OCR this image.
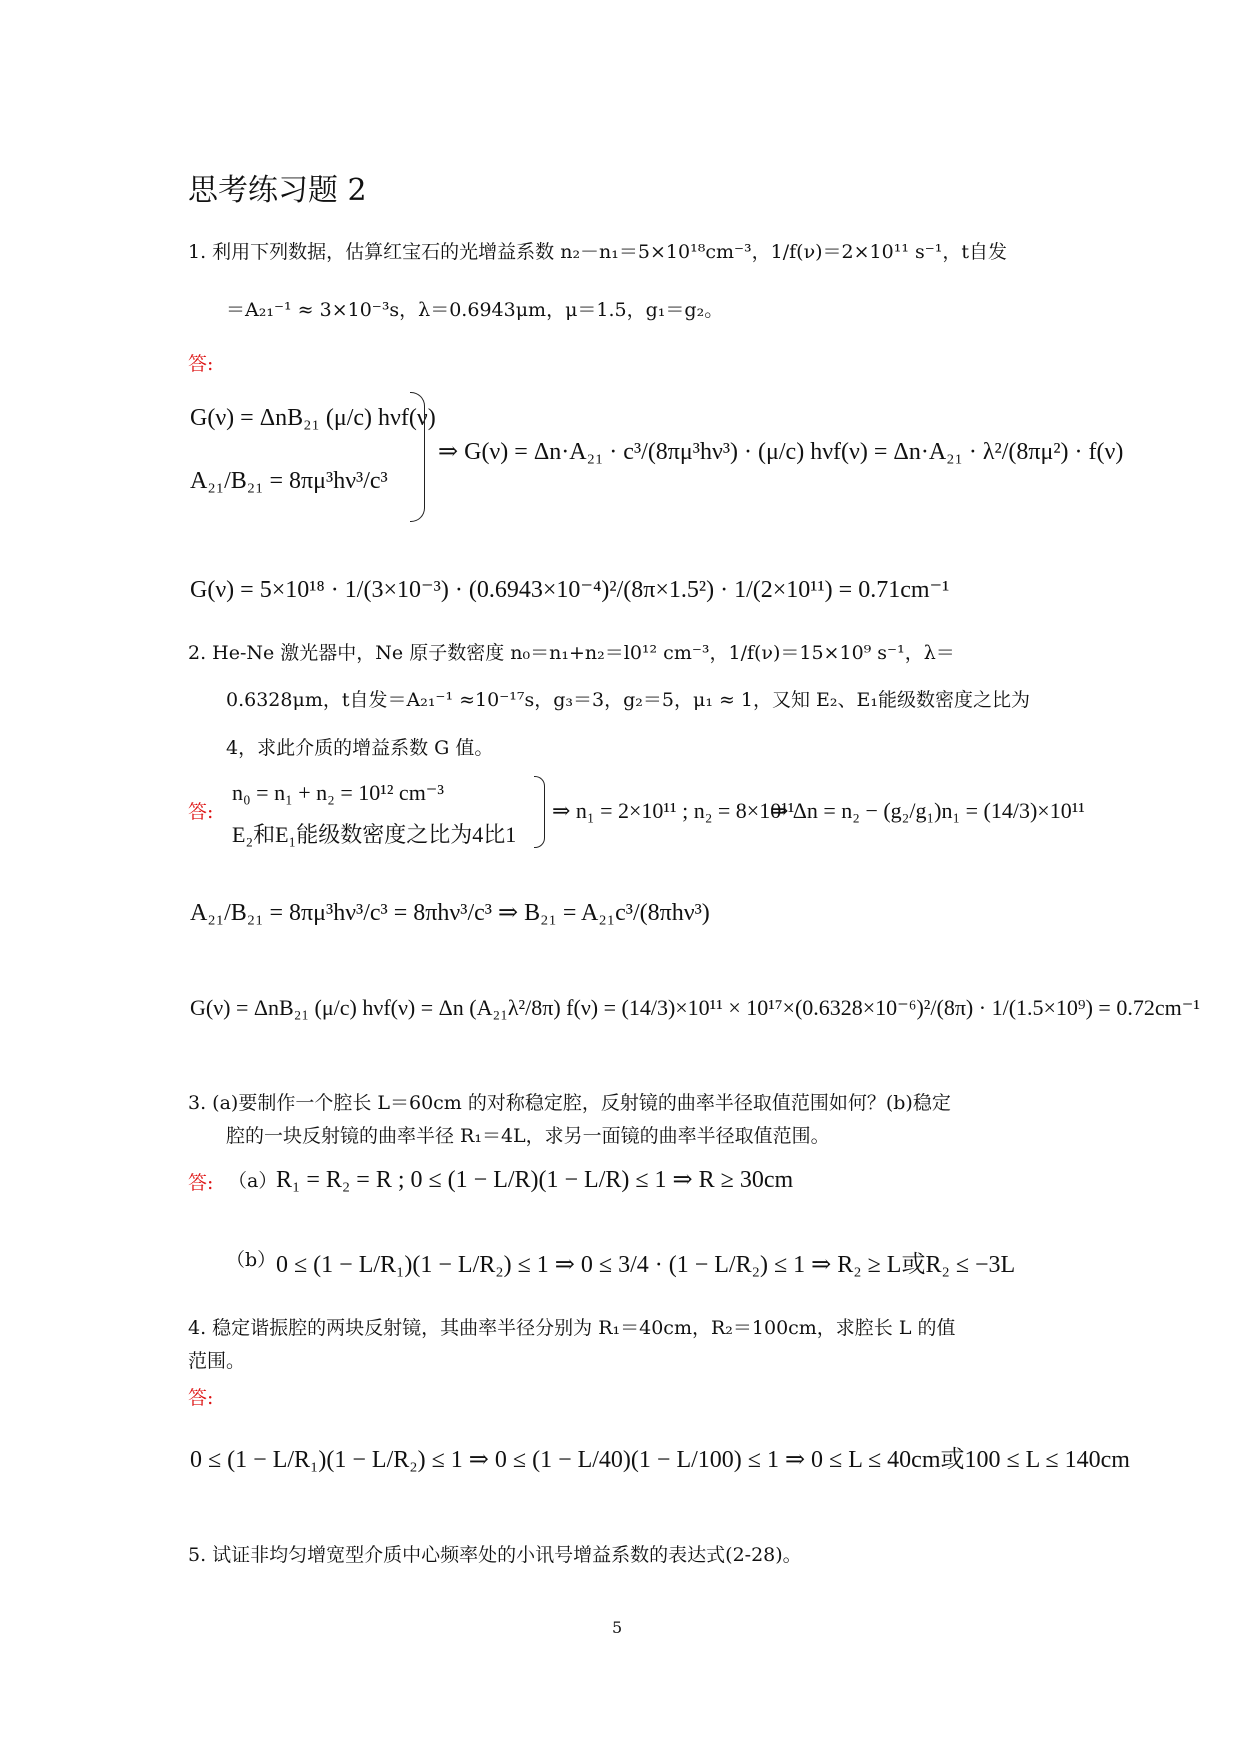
思考练习题 2
1. 利用下列数据，估算红宝石的光增益系数 n₂－n₁＝5×10¹⁸cm⁻³，1/f(ν)＝2×10¹¹ s⁻¹，t自发
＝A₂₁⁻¹ ≈ 3×10⁻³s，λ＝0.6943μm，μ＝1.5，g₁＝g₂。
答:
G(ν) = ΔnB₂₁ (μ/c) hνf(ν)
A₂₁/B₂₁ = 8πμ³hν³/c³
⇒ G(ν) = Δn·A₂₁ · c³/(8πμ³hν³) · (μ/c) hνf(ν) = Δn·A₂₁ · λ²/(8πμ²) · f(ν)
G(ν) = 5×10¹⁸ · 1/(3×10⁻³) · (0.6943×10⁻⁴)²/(8π×1.5²) · 1/(2×10¹¹) = 0.71cm⁻¹
2. He-Ne 激光器中，Ne 原子数密度 n₀＝n₁+n₂＝l0¹² cm⁻³，1/f(ν)＝15×10⁹ s⁻¹，λ＝
0.6328μm，t自发＝A₂₁⁻¹ ≈10⁻¹⁷s，g₃＝3，g₂＝5，μ₁ ≈ 1，又知 E₂、E₁能级数密度之比为
4，求此介质的增益系数 G 值。
答:
n₀ = n₁ + n₂ = 10¹² cm⁻³
E₂和E₁能级数密度之比为4比1
⇒ n₁ = 2×10¹¹ ; n₂ = 8×10¹¹
⇒ Δn = n₂ − (g₂/g₁)n₁ = (14/3)×10¹¹
A₂₁/B₂₁ = 8πμ³hν³/c³ = 8πhν³/c³ ⇒ B₂₁ = A₂₁c³/(8πhν³)
G(ν) = ΔnB₂₁ (μ/c) hνf(ν) = Δn (A₂₁λ²/8π) f(ν) = (14/3)×10¹¹ × 10¹⁷×(0.6328×10⁻⁶)²/(8π) · 1/(1.5×10⁹) = 0.72cm⁻¹
3. (a)要制作一个腔长 L＝60cm 的对称稳定腔，反射镜的曲率半径取值范围如何？(b)稳定
腔的一块反射镜的曲率半径 R₁＝4L，求另一面镜的曲率半径取值范围。
答: （a）
R₁ = R₂ = R ; 0 ≤ (1 − L/R)(1 − L/R) ≤ 1 ⇒ R ≥ 30cm
（b） 0 ≤ (1 − L/R₁)(1 − L/R₂) ≤ 1 ⇒ 0 ≤ 3/4 · (1 − L/R₂) ≤ 1 ⇒ R₂ ≥ L或R₂ ≤ −3L
4. 稳定谐振腔的两块反射镜，其曲率半径分别为 R₁＝40cm，R₂＝100cm，求腔长 L 的值
范围。
答:
0 ≤ (1 − L/R₁)(1 − L/R₂) ≤ 1 ⇒ 0 ≤ (1 − L/40)(1 − L/100) ≤ 1 ⇒ 0 ≤ L ≤ 40cm或100 ≤ L ≤ 140cm
5. 试证非均匀增宽型介质中心频率处的小讯号增益系数的表达式(2-28)。
5
